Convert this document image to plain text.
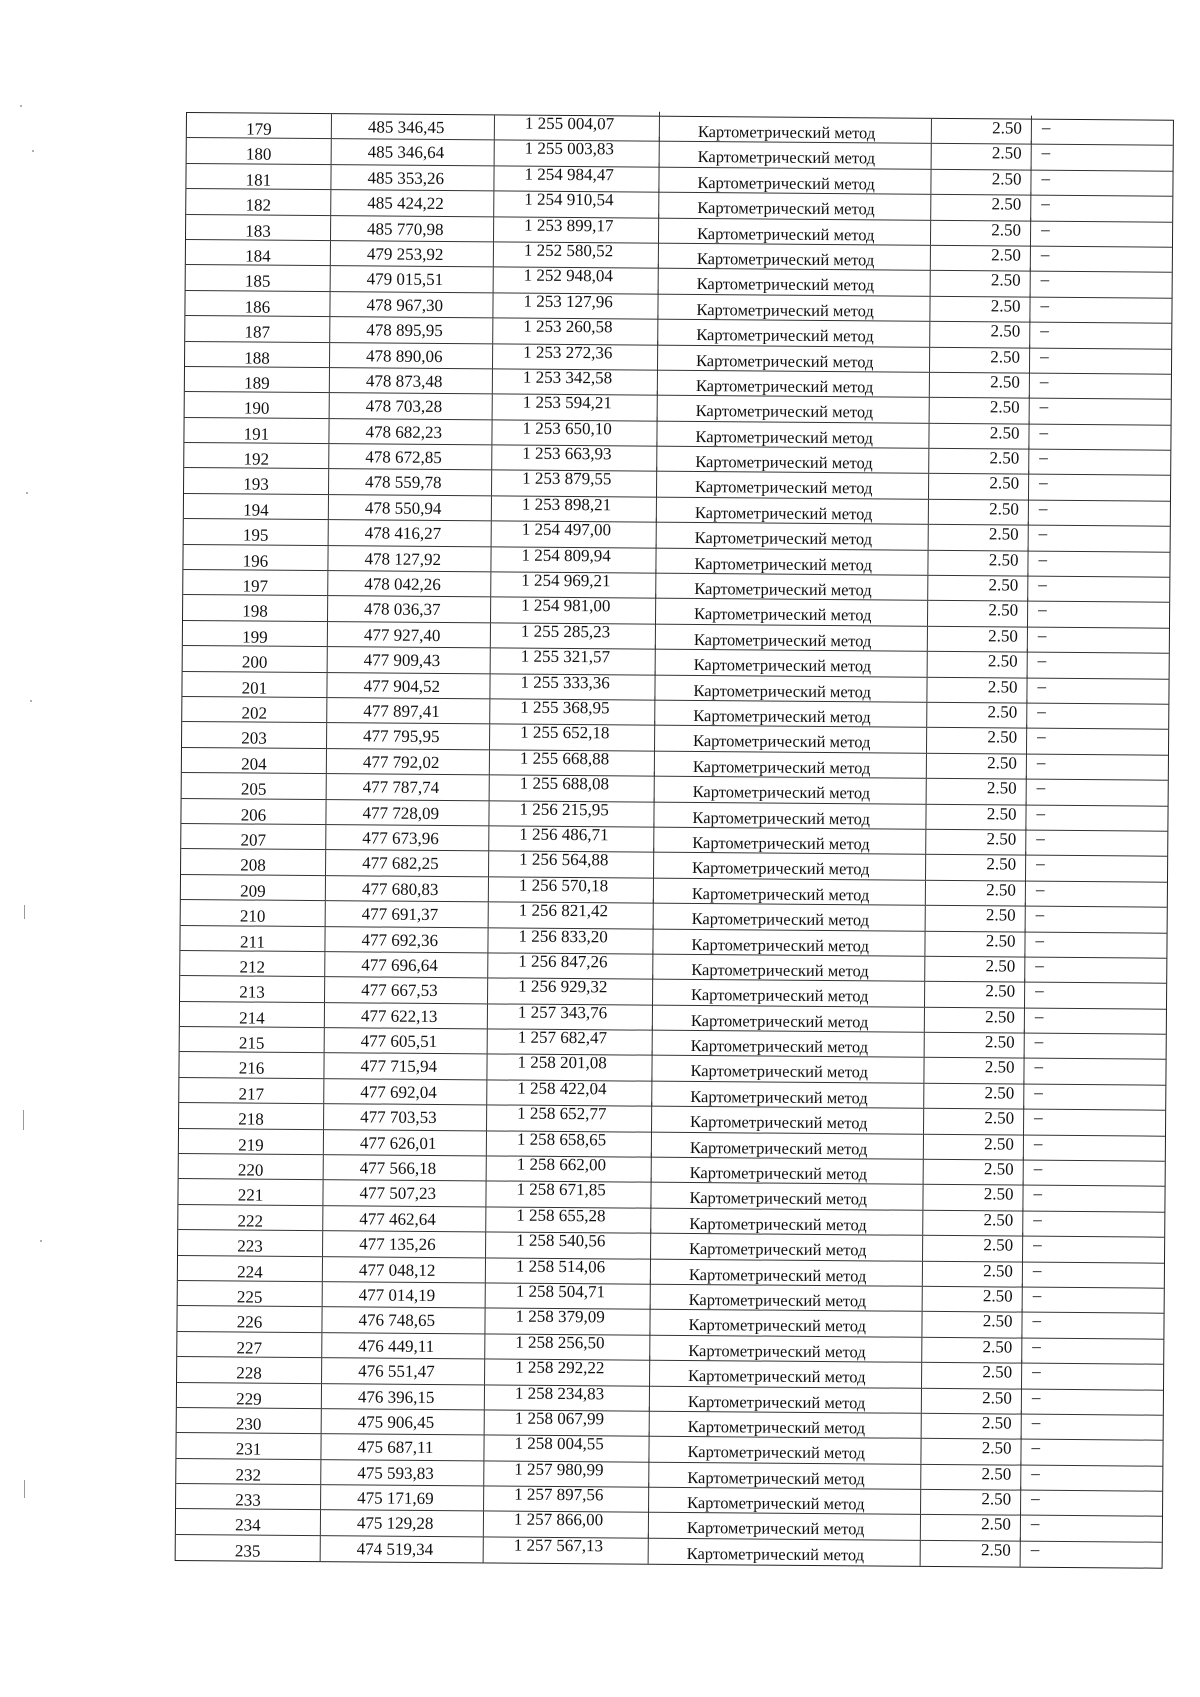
179	485 346,45	1 255 004,07	Картометрический метод	2.50	–
180	485 346,64	1 255 003,83	Картометрический метод	2.50	–
181	485 353,26	1 254 984,47	Картометрический метод	2.50	–
182	485 424,22	1 254 910,54	Картометрический метод	2.50	–
183	485 770,98	1 253 899,17	Картометрический метод	2.50	–
184	479 253,92	1 252 580,52	Картометрический метод	2.50	–
185	479 015,51	1 252 948,04	Картометрический метод	2.50	–
186	478 967,30	1 253 127,96	Картометрический метод	2.50	–
187	478 895,95	1 253 260,58	Картометрический метод	2.50	–
188	478 890,06	1 253 272,36	Картометрический метод	2.50	–
189	478 873,48	1 253 342,58	Картометрический метод	2.50	–
190	478 703,28	1 253 594,21	Картометрический метод	2.50	–
191	478 682,23	1 253 650,10	Картометрический метод	2.50	–
192	478 672,85	1 253 663,93	Картометрический метод	2.50	–
193	478 559,78	1 253 879,55	Картометрический метод	2.50	–
194	478 550,94	1 253 898,21	Картометрический метод	2.50	–
195	478 416,27	1 254 497,00	Картометрический метод	2.50	–
196	478 127,92	1 254 809,94	Картометрический метод	2.50	–
197	478 042,26	1 254 969,21	Картометрический метод	2.50	–
198	478 036,37	1 254 981,00	Картометрический метод	2.50	–
199	477 927,40	1 255 285,23	Картометрический метод	2.50	–
200	477 909,43	1 255 321,57	Картометрический метод	2.50	–
201	477 904,52	1 255 333,36	Картометрический метод	2.50	–
202	477 897,41	1 255 368,95	Картометрический метод	2.50	–
203	477 795,95	1 255 652,18	Картометрический метод	2.50	–
204	477 792,02	1 255 668,88	Картометрический метод	2.50	–
205	477 787,74	1 255 688,08	Картометрический метод	2.50	–
206	477 728,09	1 256 215,95	Картометрический метод	2.50	–
207	477 673,96	1 256 486,71	Картометрический метод	2.50	–
208	477 682,25	1 256 564,88	Картометрический метод	2.50	–
209	477 680,83	1 256 570,18	Картометрический метод	2.50	–
210	477 691,37	1 256 821,42	Картометрический метод	2.50	–
211	477 692,36	1 256 833,20	Картометрический метод	2.50	–
212	477 696,64	1 256 847,26	Картометрический метод	2.50	–
213	477 667,53	1 256 929,32	Картометрический метод	2.50	–
214	477 622,13	1 257 343,76	Картометрический метод	2.50	–
215	477 605,51	1 257 682,47	Картометрический метод	2.50	–
216	477 715,94	1 258 201,08	Картометрический метод	2.50	–
217	477 692,04	1 258 422,04	Картометрический метод	2.50	–
218	477 703,53	1 258 652,77	Картометрический метод	2.50	–
219	477 626,01	1 258 658,65	Картометрический метод	2.50	–
220	477 566,18	1 258 662,00	Картометрический метод	2.50	–
221	477 507,23	1 258 671,85	Картометрический метод	2.50	–
222	477 462,64	1 258 655,28	Картометрический метод	2.50	–
223	477 135,26	1 258 540,56	Картометрический метод	2.50	–
224	477 048,12	1 258 514,06	Картометрический метод	2.50	–
225	477 014,19	1 258 504,71	Картометрический метод	2.50	–
226	476 748,65	1 258 379,09	Картометрический метод	2.50	–
227	476 449,11	1 258 256,50	Картометрический метод	2.50	–
228	476 551,47	1 258 292,22	Картометрический метод	2.50	–
229	476 396,15	1 258 234,83	Картометрический метод	2.50	–
230	475 906,45	1 258 067,99	Картометрический метод	2.50	–
231	475 687,11	1 258 004,55	Картометрический метод	2.50	–
232	475 593,83	1 257 980,99	Картометрический метод	2.50	–
233	475 171,69	1 257 897,56	Картометрический метод	2.50	–
234	475 129,28	1 257 866,00	Картометрический метод	2.50	–
235	474 519,34	1 257 567,13	Картометрический метод	2.50	–
